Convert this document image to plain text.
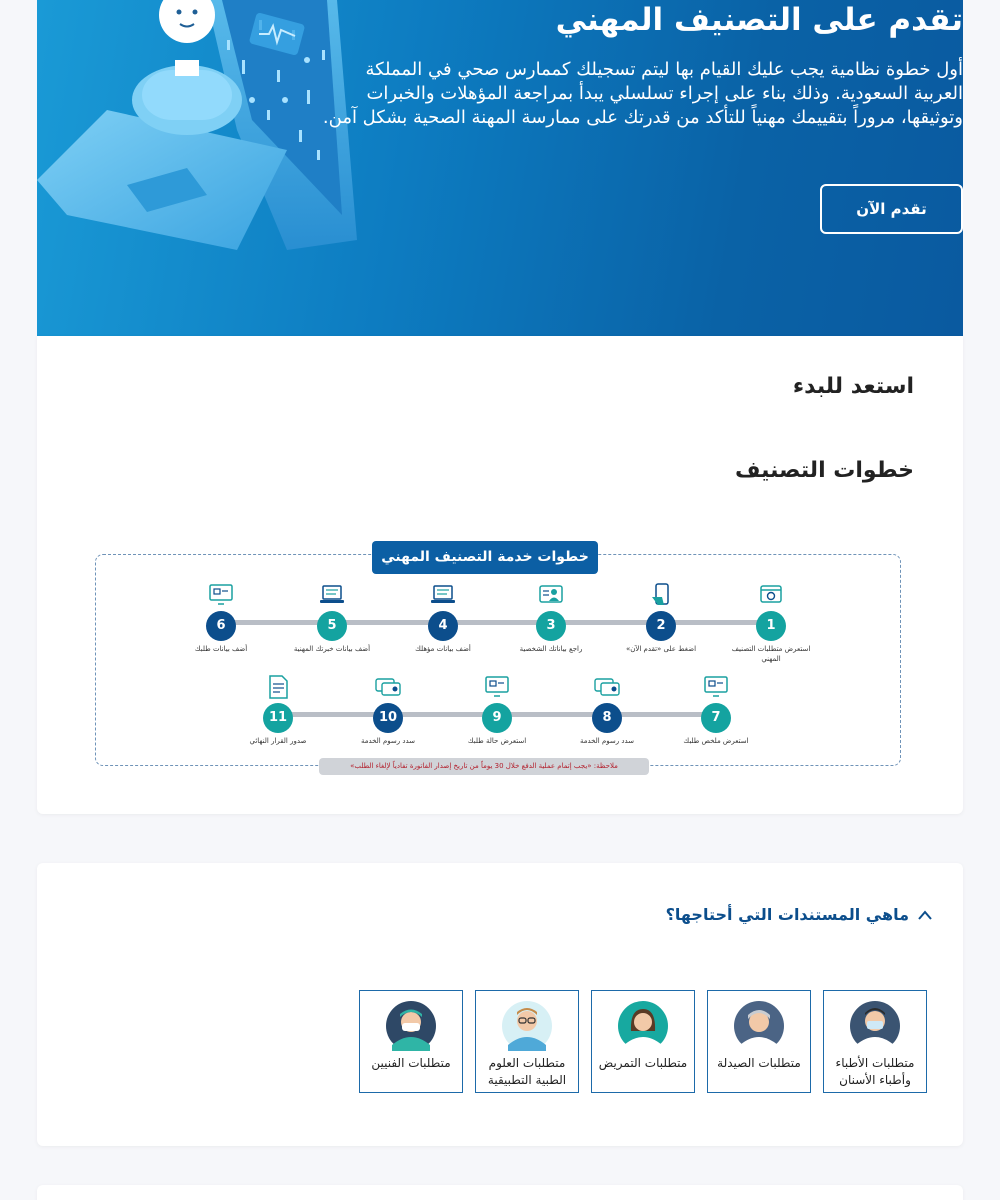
تقدم على التصنيف المهني

أول خطوة نظامية يجب عليك القيام بها ليتم تسجيلك كممارس صحي في المملكة العربية السعودية. وذلك بناء على إجراء تسلسلي يبدأ بمراجعة المؤهلات والخبرات وتوثيقها، مروراً بتقييمك مهنياً للتأكد من قدرتك على ممارسة المهنة الصحية بشكل آمن.

تقدم الآن
استعد للبدء
خطوات التصنيف
خطوات خدمة التصنيف المهني
1
استعرض متطلبات التصنيف المهني
2
اضغط على «تقدم الآن»
3
راجع بياناتك الشخصية
4
أضف بيانات مؤهلك
5
أضف بيانات خبرتك المهنية
6
أضف بيانات طلبك
7
استعرض ملخص طلبك
8
سدد رسوم الخدمة
9
استعرض حالة طلبك
10
سدد رسوم الخدمة
11
صدور القرار النهائي
ملاحظة: «يجب إتمام عملية الدفع خلال 30 يوماً من تاريخ إصدار الفاتورة تفادياً لإلغاء الطلب»
ماهي المستندات التي أحتاجها؟
متطلبات الأطباء وأطباء الأسنان
متطلبات الصيدلة
متطلبات التمريض
متطلبات العلوم الطبية التطبيقية
متطلبات الفنيين
